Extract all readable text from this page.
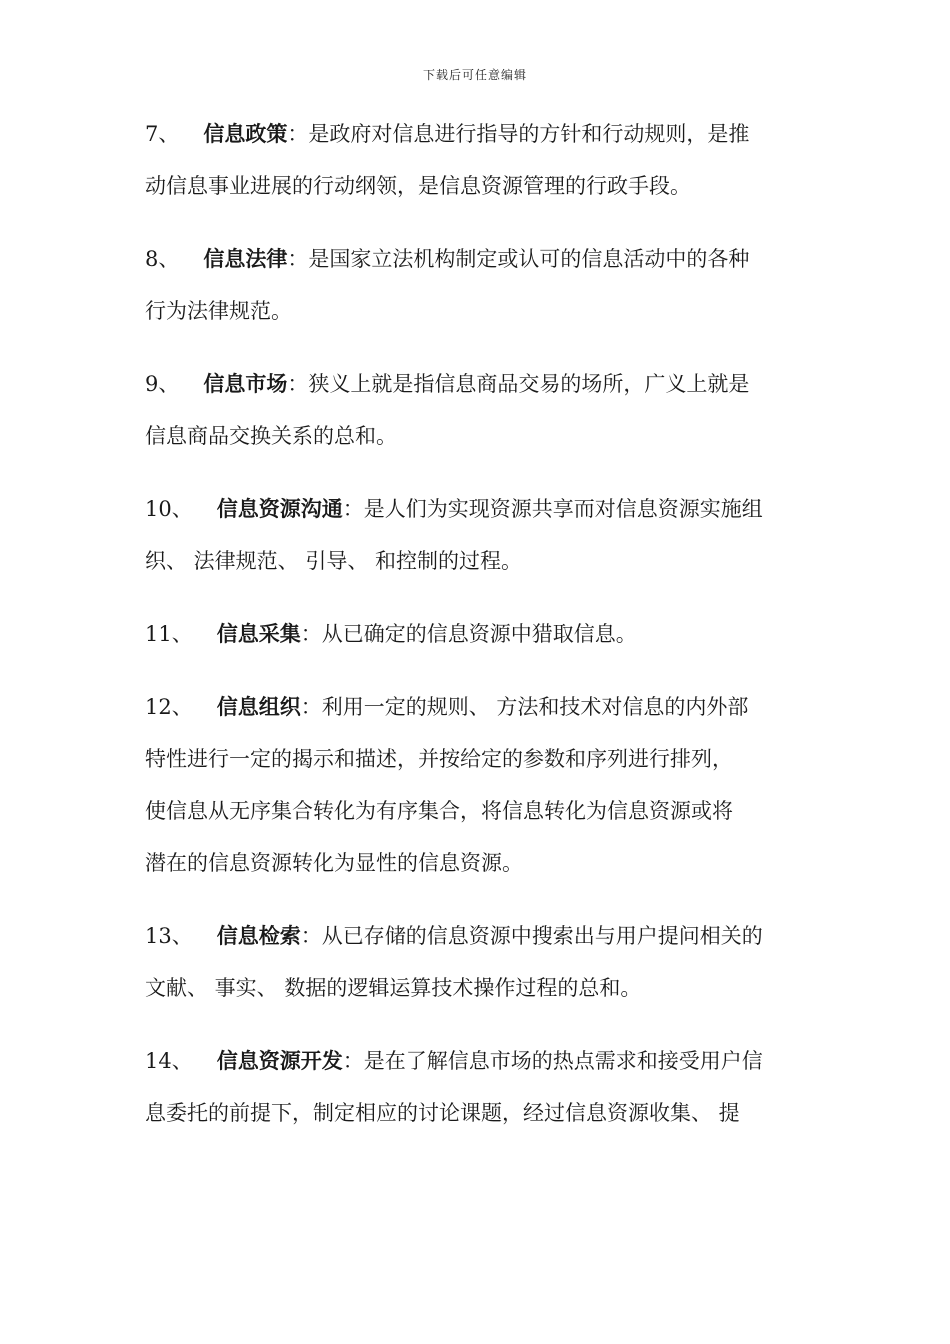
下载后可任意编辑
7、 信息政策：是政府对信息进行指导的方针和行动规则，是推
动信息事业进展的行动纲领，是信息资源管理的行政手段。
8、 信息法律：是国家立法机构制定或认可的信息活动中的各种
行为法律规范。
9、 信息市场：狭义上就是指信息商品交易的场所，广义上就是
信息商品交换关系的总和。
10、 信息资源沟通：是人们为实现资源共享而对信息资源实施组
织、 法律规范、 引导、 和控制的过程。
11、 信息采集：从已确定的信息资源中猎取信息。
12、 信息组织：利用一定的规则、 方法和技术对信息的内外部
特性进行一定的揭示和描述，并按给定的参数和序列进行排列，
使信息从无序集合转化为有序集合，将信息转化为信息资源或将
潜在的信息资源转化为显性的信息资源。
13、 信息检索：从已存储的信息资源中搜索出与用户提问相关的
文献、 事实、 数据的逻辑运算技术操作过程的总和。
14、 信息资源开发：是在了解信息市场的热点需求和接受用户信
息委托的前提下，制定相应的讨论课题，经过信息资源收集、 提
